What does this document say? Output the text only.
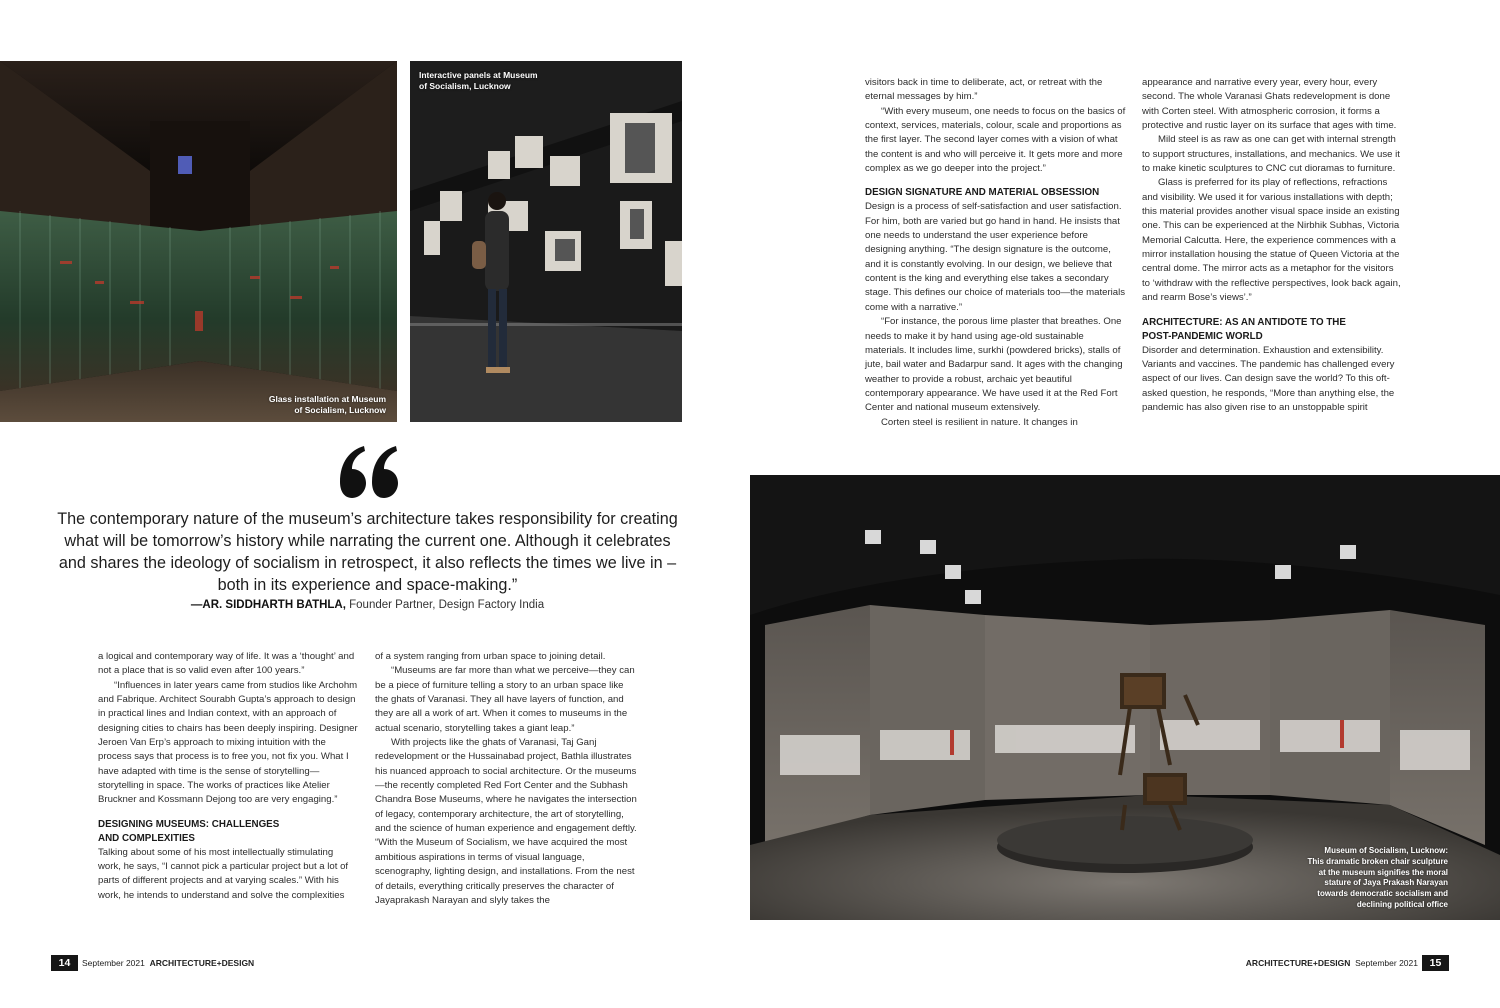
Glass installation at Museum
of Socialism, Lucknow
Interactive panels at Museum
of Socialism, Lucknow	visitors back in time to deliberate, act, or retreat with the eternal messages by him.”

“With every museum, one needs to focus on the basics of context, services, materials, colour, scale and proportions as the first layer. The second layer comes with a vision of what the content is and who will perceive it. It gets more and more complex as we go deeper into the project.”

DESIGN SIGNATURE AND MATERIAL OBSESSION

Design is a process of self-satisfaction and user satisfaction. For him, both are varied but go hand in hand. He insists that one needs to understand the user experience before designing anything. “The design signature is the outcome, and it is constantly evolving. In our design, we believe that content is the king and everything else takes a secondary stage. This defines our choice of materials too—the materials come with a narrative.”

“For instance, the porous lime plaster that breathes. One needs to make it by hand using age-old sustainable materials. It includes lime, surkhi (powdered bricks), stalls of jute, bail water and Badarpur sand. It ages with the changing weather to provide a robust, archaic yet beautiful contemporary appearance. We have used it at the Red Fort Center and national museum extensively.

Corten steel is resilient in nature. It changes in

appearance and narrative every year, every hour, every second. The whole Varanasi Ghats redevelopment is done with Corten steel. With atmospheric corrosion, it forms a protective and rustic layer on its surface that ages with time.

Mild steel is as raw as one can get with internal strength to support structures, installations, and mechanics. We use it to make kinetic sculptures to CNC cut dioramas to furniture.

Glass is preferred for its play of reflections, refractions and visibility. We used it for various installations with depth; this material provides another visual space inside an existing one. This can be experienced at the Nirbhik Subhas, Victoria Memorial Calcutta. Here, the experience commences with a mirror installation housing the statue of Queen Victoria at the central dome. The mirror acts as a metaphor for the visitors to ‘withdraw with the reflective perspectives, look back again, and rearm Bose’s views’.”

ARCHITECTURE: AS AN ANTIDOTE TO THE
POST-PANDEMIC WORLD

Disorder and determination. Exhaustion and extensibility. Variants and vaccines. The pandemic has challenged every aspect of our lives. Can design save the world? To this oft-asked question, he responds, “More than anything else, the pandemic has also given rise to an unstoppable spirit

The contemporary nature of the museum’s architecture takes responsibility for creating what will be tomorrow’s history while narrating the current one. Although it celebrates and shares the ideology of socialism in retrospect, it also reflects the times we live in – both in its experience and space-making.”
—AR. SIDDHARTH BATHLA, Founder Partner, Design Factory India

a logical and contemporary way of life. It was a ‘thought’ and not a place that is so valid even after 100 years.”

“Influences in later years came from studios like Archohm and Fabrique. Architect Sourabh Gupta’s approach to design in practical lines and Indian context, with an approach of designing cities to chairs has been deeply inspiring. Designer Jeroen Van Erp’s approach to mixing intuition with the process says that process is to free you, not fix you. What I have adapted with time is the sense of storytelling—storytelling in space. The works of practices like Atelier Bruckner and Kossmann Dejong too are very engaging.”

DESIGNING MUSEUMS: CHALLENGES
AND COMPLEXITIES

Talking about some of his most intellectually stimulating work, he says, “I cannot pick a particular project but a lot of parts of different projects and at varying scales.” With his work, he intends to understand and solve the complexities

of a system ranging from urban space to joining detail.

“Museums are far more than what we perceive—they can be a piece of furniture telling a story to an urban space like the ghats of Varanasi. They all have layers of function, and they are all a work of art. When it comes to museums in the actual scenario, storytelling takes a giant leap.”

With projects like the ghats of Varanasi, Taj Ganj redevelopment or the Hussainabad project, Bathla illustrates his nuanced approach to social architecture. Or the museums—the recently completed Red Fort Center and the Subhash Chandra Bose Museums, where he navigates the intersection of legacy, contemporary architecture, the art of storytelling, and the science of human experience and engagement deftly. “With the Museum of Socialism, we have acquired the most ambitious aspirations in terms of visual language, scenography, lighting design, and installations. From the nest of details, everything critically preserves the character of Jayaprakash Narayan and slyly takes the

Museum of Socialism, Lucknow:
This dramatic broken chair sculpture
at the museum signifies the moral
stature of Jaya Prakash Narayan
towards democratic socialism and
declining political office
14	September 2021 ARCHITECTURE+DESIGN	ARCHITECTURE+DESIGN September 2021	15
